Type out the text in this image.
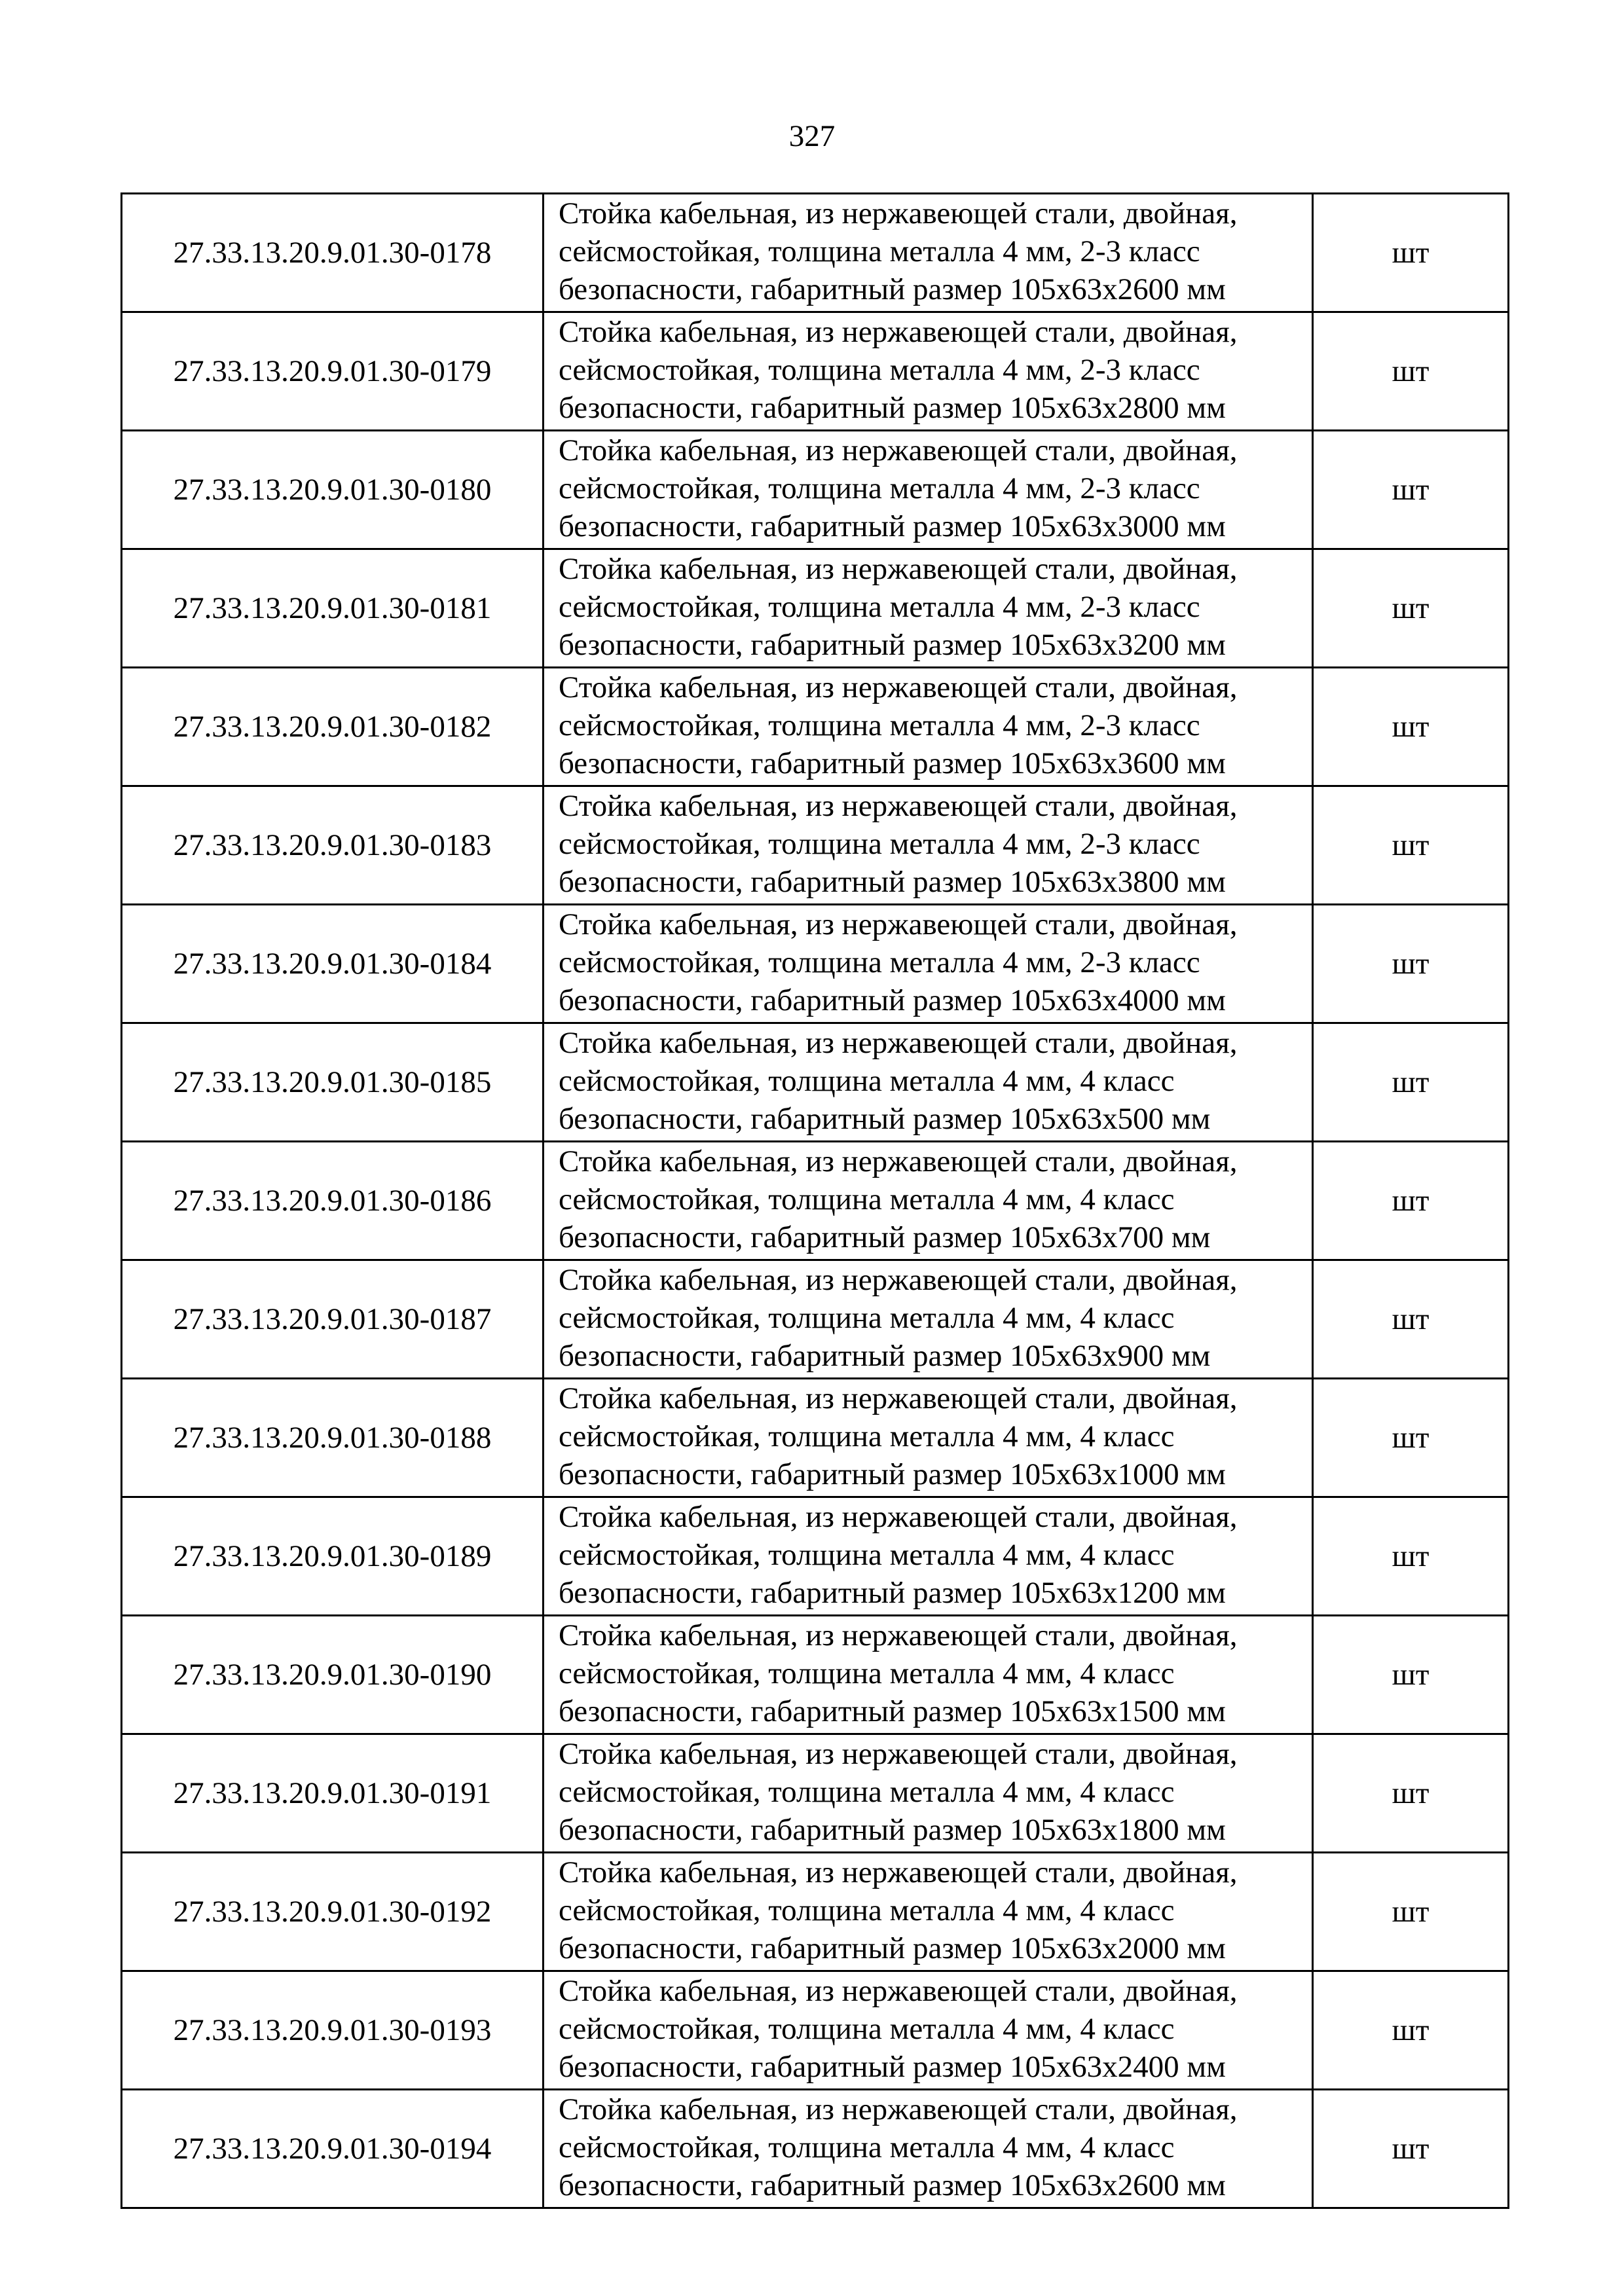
327
27.33.13.20.9.01.30-0178	Стойка кабельная, из нержавеющей стали, двойная,
сейсмостойкая, толщина металла 4 мм, 2-3 класс
безопасности, габаритный размер 105х63х2600 мм	шт
27.33.13.20.9.01.30-0179	Стойка кабельная, из нержавеющей стали, двойная,
сейсмостойкая, толщина металла 4 мм, 2-3 класс
безопасности, габаритный размер 105х63х2800 мм	шт
27.33.13.20.9.01.30-0180	Стойка кабельная, из нержавеющей стали, двойная,
сейсмостойкая, толщина металла 4 мм, 2-3 класс
безопасности, габаритный размер 105х63х3000 мм	шт
27.33.13.20.9.01.30-0181	Стойка кабельная, из нержавеющей стали, двойная,
сейсмостойкая, толщина металла 4 мм, 2-3 класс
безопасности, габаритный размер 105х63х3200 мм	шт
27.33.13.20.9.01.30-0182	Стойка кабельная, из нержавеющей стали, двойная,
сейсмостойкая, толщина металла 4 мм, 2-3 класс
безопасности, габаритный размер 105х63х3600 мм	шт
27.33.13.20.9.01.30-0183	Стойка кабельная, из нержавеющей стали, двойная,
сейсмостойкая, толщина металла 4 мм, 2-3 класс
безопасности, габаритный размер 105х63х3800 мм	шт
27.33.13.20.9.01.30-0184	Стойка кабельная, из нержавеющей стали, двойная,
сейсмостойкая, толщина металла 4 мм, 2-3 класс
безопасности, габаритный размер 105х63х4000 мм	шт
27.33.13.20.9.01.30-0185	Стойка кабельная, из нержавеющей стали, двойная,
сейсмостойкая, толщина металла 4 мм, 4 класс
безопасности, габаритный размер 105х63х500 мм	шт
27.33.13.20.9.01.30-0186	Стойка кабельная, из нержавеющей стали, двойная,
сейсмостойкая, толщина металла 4 мм, 4 класс
безопасности, габаритный размер 105х63х700 мм	шт
27.33.13.20.9.01.30-0187	Стойка кабельная, из нержавеющей стали, двойная,
сейсмостойкая, толщина металла 4 мм, 4 класс
безопасности, габаритный размер 105х63х900 мм	шт
27.33.13.20.9.01.30-0188	Стойка кабельная, из нержавеющей стали, двойная,
сейсмостойкая, толщина металла 4 мм, 4 класс
безопасности, габаритный размер 105х63х1000 мм	шт
27.33.13.20.9.01.30-0189	Стойка кабельная, из нержавеющей стали, двойная,
сейсмостойкая, толщина металла 4 мм, 4 класс
безопасности, габаритный размер 105х63х1200 мм	шт
27.33.13.20.9.01.30-0190	Стойка кабельная, из нержавеющей стали, двойная,
сейсмостойкая, толщина металла 4 мм, 4 класс
безопасности, габаритный размер 105х63х1500 мм	шт
27.33.13.20.9.01.30-0191	Стойка кабельная, из нержавеющей стали, двойная,
сейсмостойкая, толщина металла 4 мм, 4 класс
безопасности, габаритный размер 105х63х1800 мм	шт
27.33.13.20.9.01.30-0192	Стойка кабельная, из нержавеющей стали, двойная,
сейсмостойкая, толщина металла 4 мм, 4 класс
безопасности, габаритный размер 105х63х2000 мм	шт
27.33.13.20.9.01.30-0193	Стойка кабельная, из нержавеющей стали, двойная,
сейсмостойкая, толщина металла 4 мм, 4 класс
безопасности, габаритный размер 105х63х2400 мм	шт
27.33.13.20.9.01.30-0194	Стойка кабельная, из нержавеющей стали, двойная,
сейсмостойкая, толщина металла 4 мм, 4 класс
безопасности, габаритный размер 105х63х2600 мм	шт
